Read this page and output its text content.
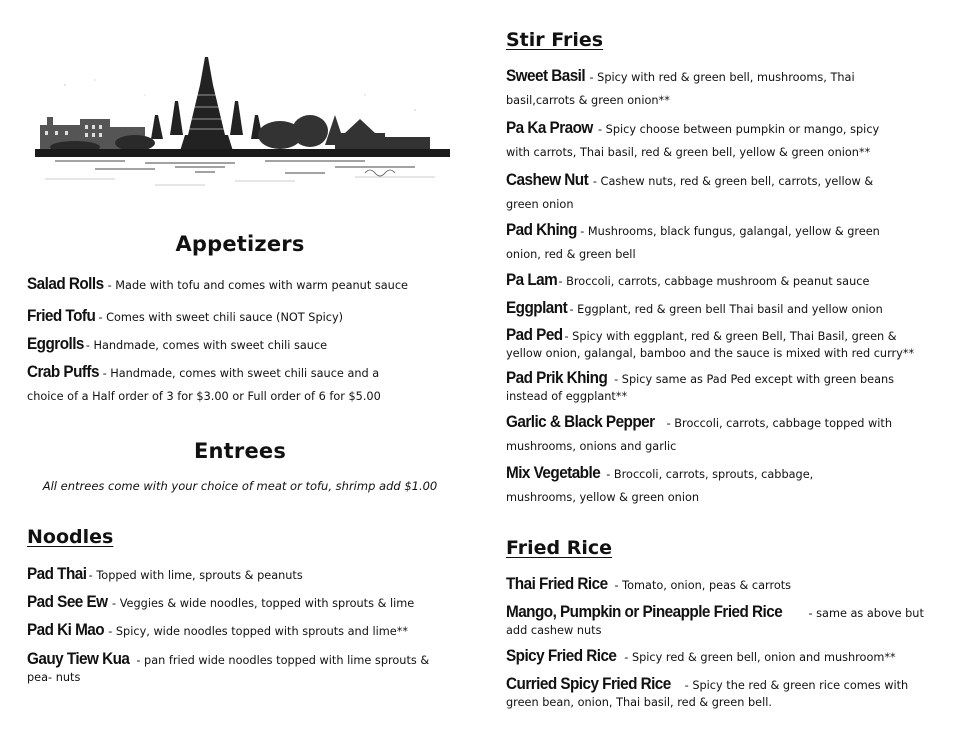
Appetizers
Salad Rolls - Made with tofu and comes with warm peanut sauce
Fried Tofu - Comes with sweet chili sauce (NOT Spicy)
Eggrolls - Handmade, comes with sweet chili sauce
Crab Puffs - Handmade, comes with sweet chili sauce and a choice of a Half order of 3 for $3.00 or Full order of 6 for $5.00
Entrees
All entrees come with your choice of meat or tofu, shrimp add $1.00
Noodles
Pad Thai - Topped with lime, sprouts & peanuts
Pad See Ew - Veggies & wide noodles, topped with sprouts & lime
Pad Ki Mao - Spicy, wide noodles topped with sprouts and lime**
Gauy Tiew Kua - pan fried wide noodles topped with lime sprouts & pea- nuts
Stir Fries
Sweet Basil - Spicy with red & green bell, mushrooms, Thai basil,carrots & green onion**
Pa Ka Praow - Spicy choose between pumpkin or mango, spicy with carrots, Thai basil, red & green bell, yellow & green onion**
Cashew Nut - Cashew nuts, red & green bell, carrots, yellow & green onion
Pad Khing - Mushrooms, black fungus, galangal, yellow & green onion, red & green bell
Pa Lam - Broccoli, carrots, cabbage mushroom & peanut sauce
Eggplant - Eggplant, red & green bell Thai basil and yellow onion
Pad Ped - Spicy with eggplant, red & green Bell, Thai Basil, green & yellow onion, galangal, bamboo and the sauce is mixed with red curry**
Pad Prik Khing - Spicy same as Pad Ped except with green beans instead of eggplant**
Garlic & Black Pepper - Broccoli, carrots, cabbage topped with mushrooms, onions and garlic
Mix Vegetable - Broccoli, carrots, sprouts, cabbage, mushrooms, yellow & green onion
Fried Rice
Thai Fried Rice - Tomato, onion, peas & carrots
Mango, Pumpkin or Pineapple Fried Rice - same as above but add cashew nuts
Spicy Fried Rice - Spicy red & green bell, onion and mushroom**
Curried Spicy Fried Rice - Spicy the red & green rice comes with green bean, onion, Thai basil, red & green bell.
